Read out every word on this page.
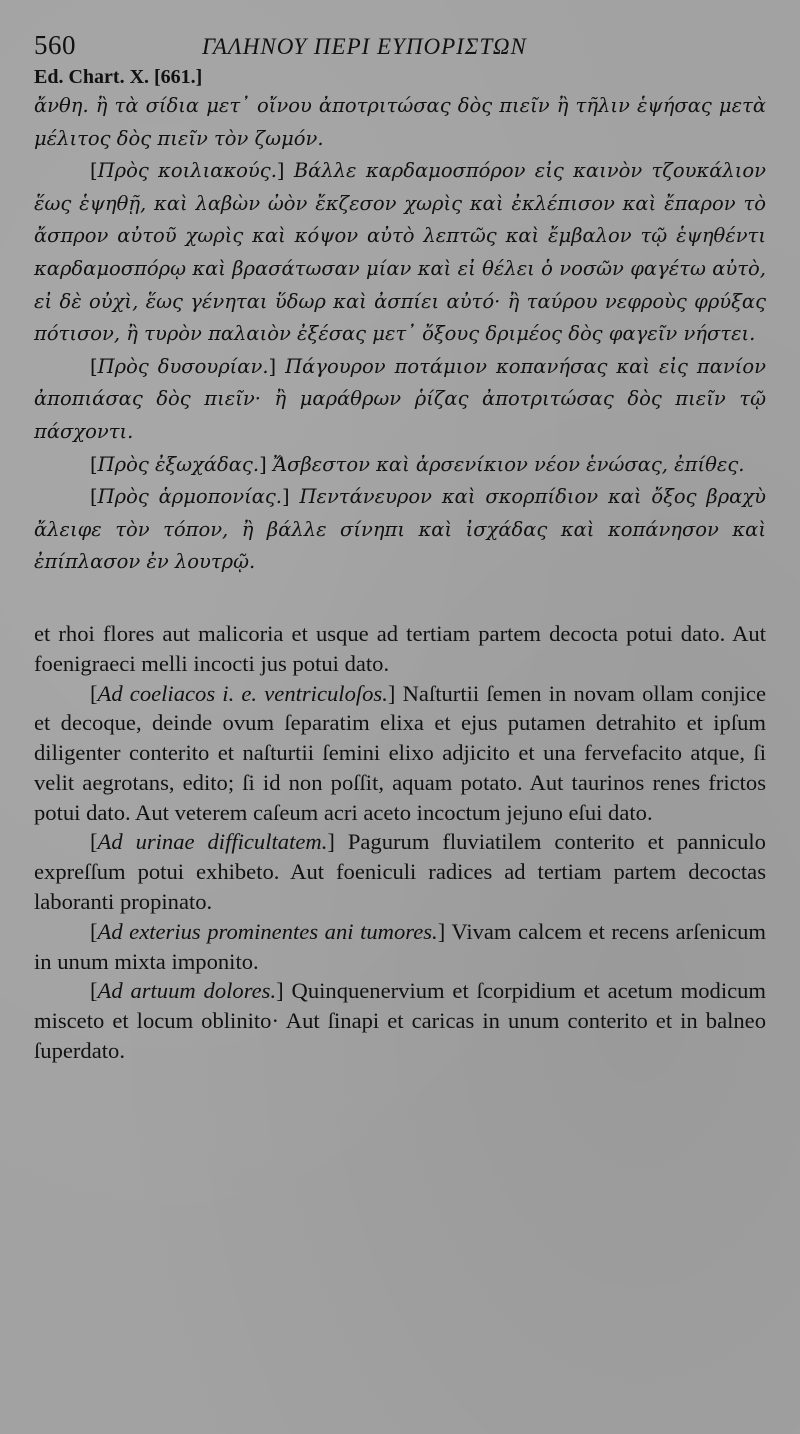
560	ΓΑΛΗΝΟΥ ΠΕΡΙ ΕΥΠΟΡΙΣΤΩΝ
Ed. Chart. X. [661.]

ἄνθη. ἢ τὰ σίδια μετ᾽ οἴνου ἀποτριτώσας δὸς πιεῖν ἢ τῆλιν ἑψήσας μετὰ μέλιτος δὸς πιεῖν τὸν ζωμόν.

[Πρὸς κοιλιακούς.] Βάλλε καρδαμοσπόρον εἰς καινὸν τζουκάλιον ἕως ἑψηθῇ, καὶ λαβὼν ὠὸν ἔκζεσον χωρὶς καὶ ἐκλέπισον καὶ ἔπαρον τὸ ἄσπρον αὐτοῦ χωρὶς καὶ κόψον αὐτὸ λεπτῶς καὶ ἔμβαλον τῷ ἑψηθέντι καρδαμοσπόρῳ καὶ βρασάτωσαν μίαν καὶ εἰ θέλει ὁ νοσῶν φαγέτω αὐτὸ, εἰ δὲ οὐχὶ, ἕως γένηται ὕδωρ καὶ ἀσπίει αὐτό· ἢ ταύρου νεφροὺς φρύξας πότισον, ἢ τυρὸν παλαιὸν ἐξέσας μετ᾽ ὄξους δριμέος δὸς φαγεῖν νήστει.

[Πρὸς δυσουρίαν.] Πάγουρον ποτάμιον κοπανήσας καὶ εἰς πανίον ἀποπιάσας δὸς πιεῖν· ἢ μαράθρων ῥίζας ἀποτριτώσας δὸς πιεῖν τῷ πάσχοντι.

[Πρὸς ἐξωχάδας.] Ἄσβεστον καὶ ἀρσενίκιον νέον ἑνώσας, ἐπίθες.

[Πρὸς ἁρμοπονίας.] Πεντάνευρον καὶ σκορπίδιον καὶ ὄξος βραχὺ ἄλειφε τὸν τόπον, ἢ βάλλε σίνηπι καὶ ἰσχάδας καὶ κοπάνησον καὶ ἐπίπλασον ἐν λουτρῷ.

et rhoi flores aut malicoria et usque ad tertiam partem decocta potui dato. Aut foenigraeci melli incocti jus potui dato.

[Ad coeliacos i. e. ventriculoſos.] Naſturtii ſemen in novam ollam conjice et decoque, deinde ovum ſeparatim elixa et ejus putamen detrahito et ipſum diligenter conterito et naſturtii ſemini elixo adjicito et una fervefacito atque, ſi velit aegrotans, edito; ſi id non poſſit, aquam potato. Aut taurinos renes frictos potui dato. Aut veterem caſeum acri aceto incoctum jejuno eſui dato.

[Ad urinae difficultatem.] Pagurum fluviatilem conterito et panniculo expreſſum potui exhibeto. Aut foeniculi radices ad tertiam partem decoctas laboranti propinato.

[Ad exterius prominentes ani tumores.] Vivam calcem et recens arſenicum in unum mixta imponito.

[Ad artuum dolores.] Quinquenervium et ſcorpidium et acetum modicum misceto et locum oblinito· Aut ſinapi et caricas in unum conterito et in balneo ſuperdato.
